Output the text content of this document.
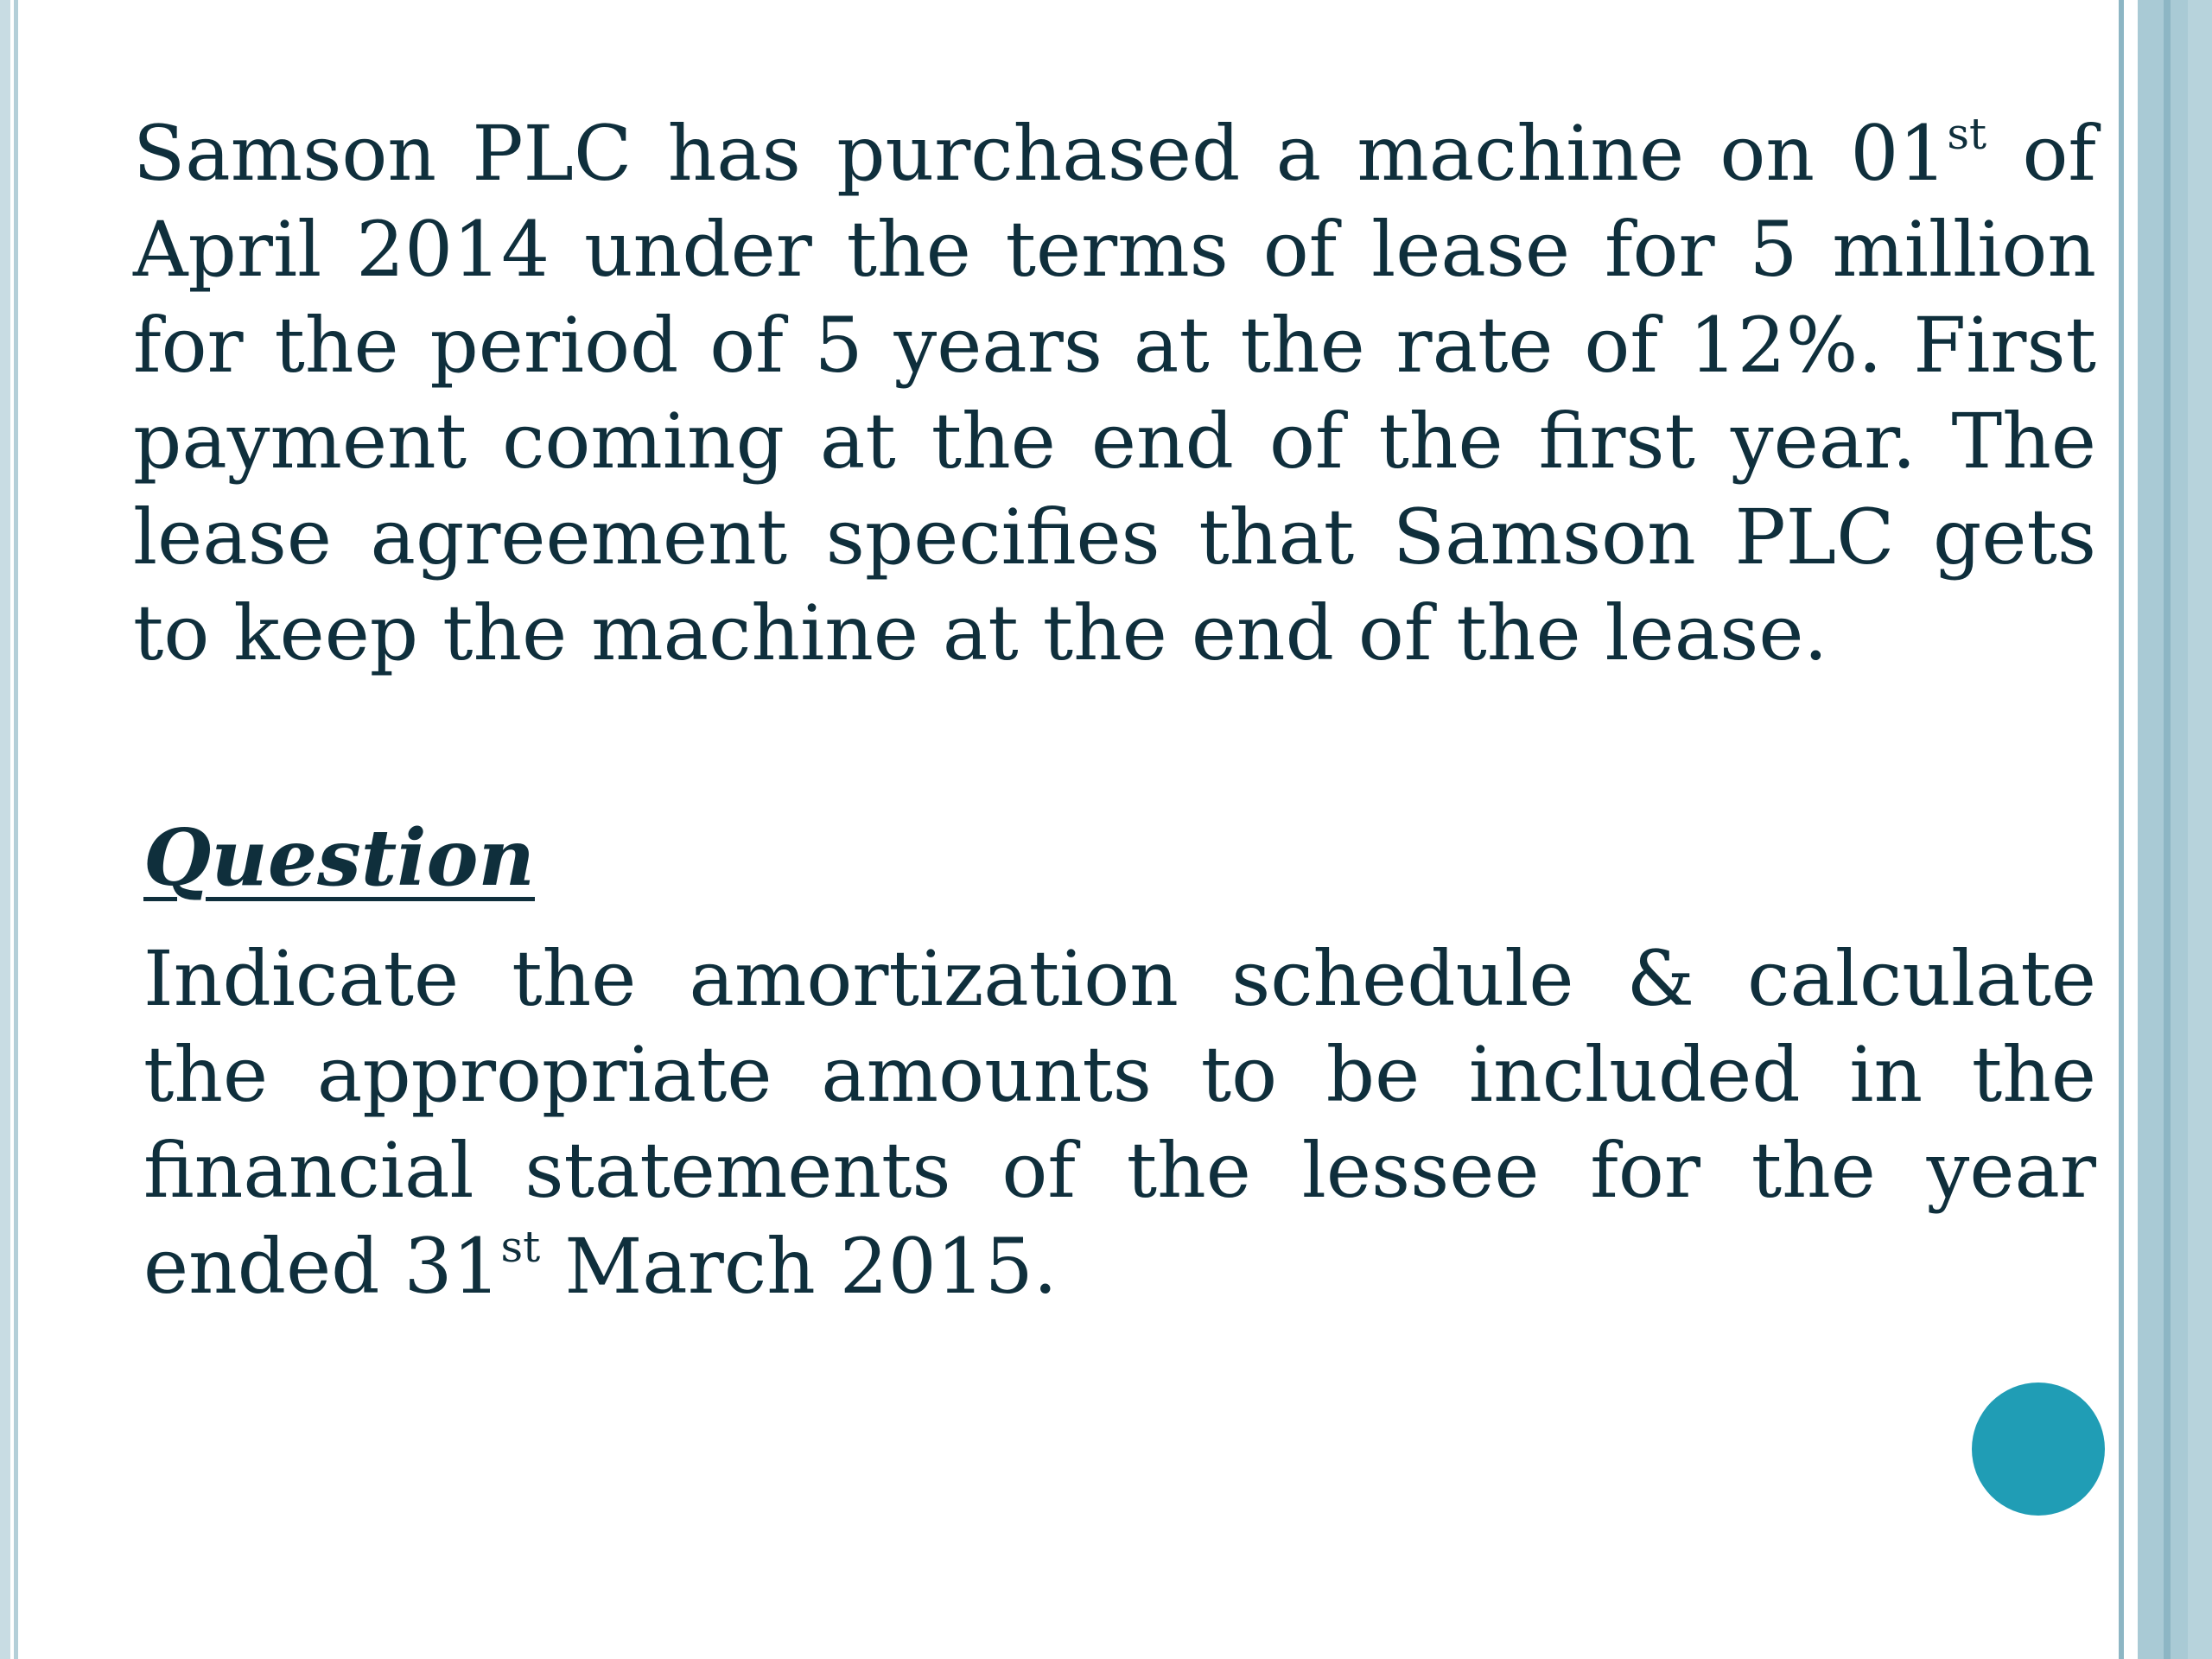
Samson PLC has purchased a machine on 01st of April 2014 under the terms of lease for 5 million for the period of 5 years at the rate of 12%. First payment coming at the end of the first year. The lease agreement specifies that Samson PLC gets to keep the machine at the end of the lease.

Question

Indicate the amortization schedule & calculate the appropriate amounts to be included in the financial statements of the lessee for the year ended 31st March 2015.
